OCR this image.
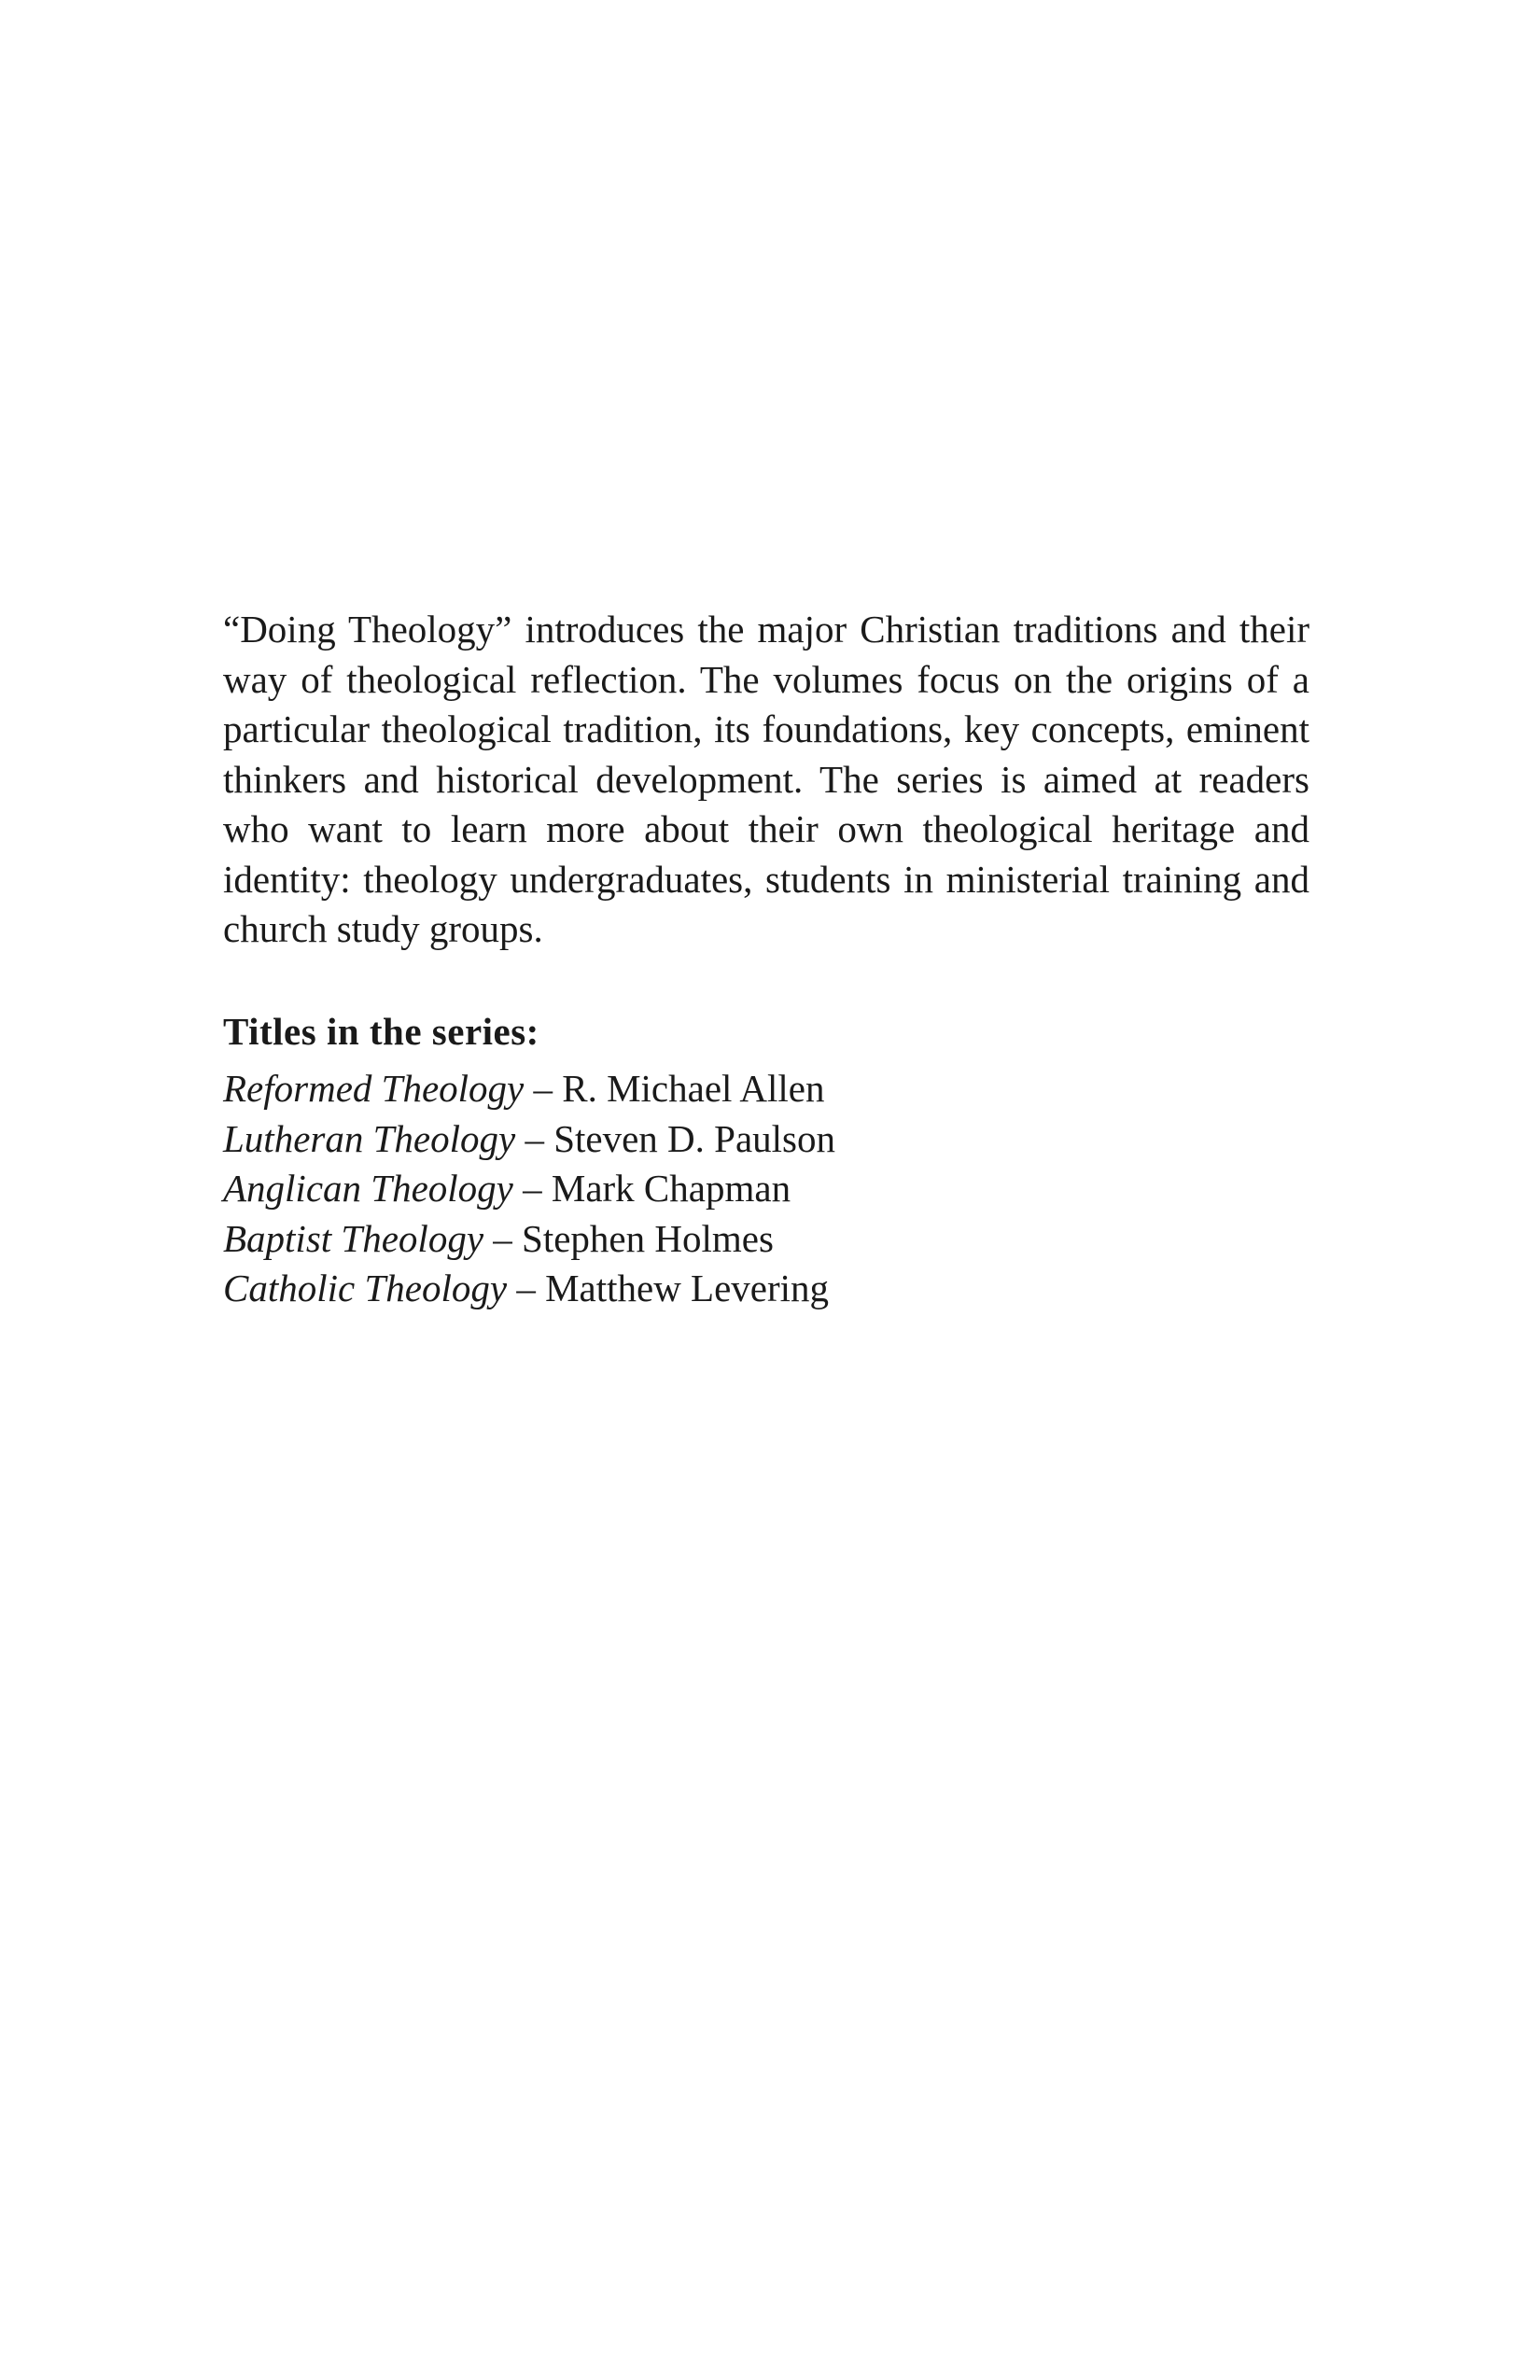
“Doing Theology” introduces the major Christian traditions and their way of theological reflection. The volumes focus on the origins of a particular theological tradition, its foundations, key concepts, eminent thinkers and historical development. The series is aimed at readers who want to learn more about their own theological heritage and identity: theology undergraduates, students in ministerial training and church study groups.

Titles in the series:
Reformed Theology – R. Michael Allen
Lutheran Theology – Steven D. Paulson
Anglican Theology – Mark Chapman
Baptist Theology – Stephen Holmes
Catholic Theology – Matthew Levering
